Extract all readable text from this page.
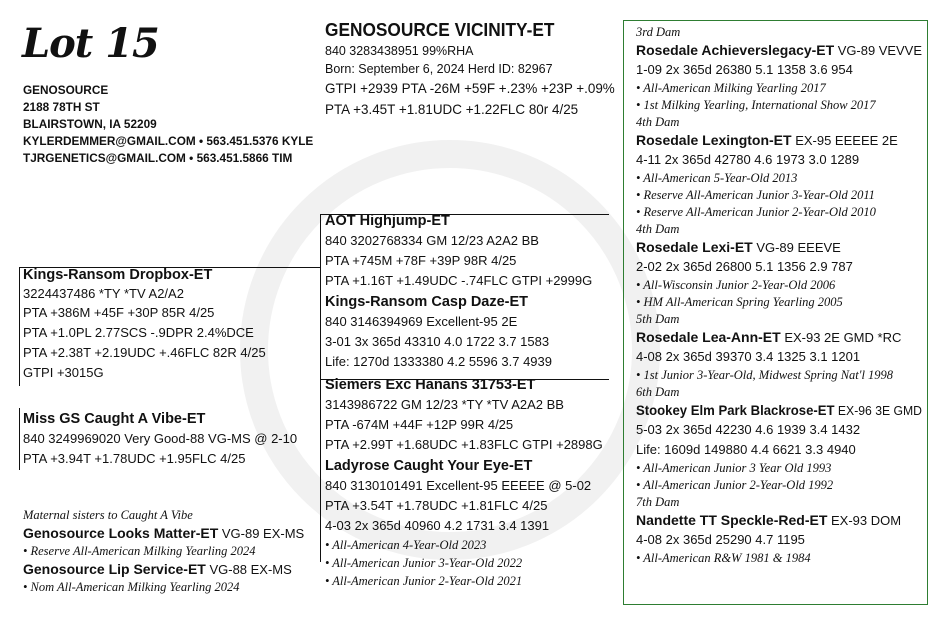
Lot 15
GENOSOURCE
2188 78TH ST
BLAIRSTOWN, IA 52209
KYLERDEMMER@GMAIL.COM • 563.451.5376 KYLE
TJRGENETICS@GMAIL.COM • 563.451.5866 TIM
GENOSOURCE VICINITY-ET
840 3283438951 99%RHA
Born: September 6, 2024 Herd ID: 82967
GTPI +2939 PTA -26M +59F +.23% +23P +.09%
PTA +3.45T +1.81UDC +1.22FLC 80r 4/25
Kings-Ransom Dropbox-ET
3224437486 *TY *TV A2/A2
PTA +386M +45F +30P 85R 4/25
PTA +1.0PL 2.77SCS -.9DPR 2.4%DCE
PTA +2.38T +2.19UDC +.46FLC 82R 4/25
GTPI +3015G
Miss GS Caught A Vibe-ET
840 3249969020 Very Good-88 VG-MS @ 2-10
PTA +3.94T +1.78UDC +1.95FLC 4/25
Maternal sisters to Caught A Vibe
Genosource Looks Matter-ET VG-89 EX-MS
• Reserve All-American Milking Yearling 2024
Genosource Lip Service-ET VG-88 EX-MS
• Nom All-American Milking Yearling 2024
AOT Highjump-ET
840 3202768334 GM 12/23 A2A2 BB
PTA +745M +78F +39P 98R 4/25
PTA +1.16T +1.49UDC -.74FLC GTPI +2999G
Kings-Ransom Casp Daze-ET
840 3146394969 Excellent-95 2E
3-01 3x 365d 43310 4.0 1722 3.7 1583
Life: 1270d 1333380 4.2 5596 3.7 4939
Siemers Exc Hanans 31753-ET
3143986722 GM 12/23 *TY *TV A2A2 BB
PTA -674M +44F +12P 99R 4/25
PTA +2.99T +1.68UDC +1.83FLC GTPI +2898G
Ladyrose Caught Your Eye-ET
840 3130101491 Excellent-95 EEEEE @ 5-02
PTA +3.54T +1.78UDC +1.81FLC 4/25
4-03 2x 365d 40960 4.2 1731 3.4 1391
• All-American 4-Year-Old 2023
• All-American Junior 3-Year-Old 2022
• All-American Junior 2-Year-Old 2021
3rd Dam
Rosedale Achieverslegacy-ET VG-89 VEVVE
1-09 2x 365d 26380 5.1 1358 3.6 954
• All-American Milking Yearling 2017
• 1st Milking Yearling, International Show 2017
4th Dam
Rosedale Lexington-ET EX-95 EEEEE 2E
4-11 2x 365d 42780 4.6 1973 3.0 1289
• All-American 5-Year-Old 2013
• Reserve All-American Junior 3-Year-Old 2011
• Reserve All-American Junior 2-Year-Old 2010
4th Dam
Rosedale Lexi-ET VG-89 EEEVE
2-02 2x 365d 26800 5.1 1356 2.9 787
• All-Wisconsin Junior 2-Year-Old 2006
• HM All-American Spring Yearling 2005
5th Dam
Rosedale Lea-Ann-ET EX-93 2E GMD *RC
4-08 2x 365d 39370 3.4 1325 3.1 1201
• 1st Junior 3-Year-Old, Midwest Spring Nat'l 1998
6th Dam
Stookey Elm Park Blackrose-ET EX-96 3E GMD
5-03 2x 365d 42230 4.6 1939 3.4 1432
Life: 1609d 149880 4.4 6621 3.3 4940
• All-American Junior 3 Year Old 1993
• All-American Junior 2-Year-Old 1992
7th Dam
Nandette TT Speckle-Red-ET EX-93 DOM
4-08 2x 365d 25290 4.7 1195
• All-American R&W 1981 & 1984
